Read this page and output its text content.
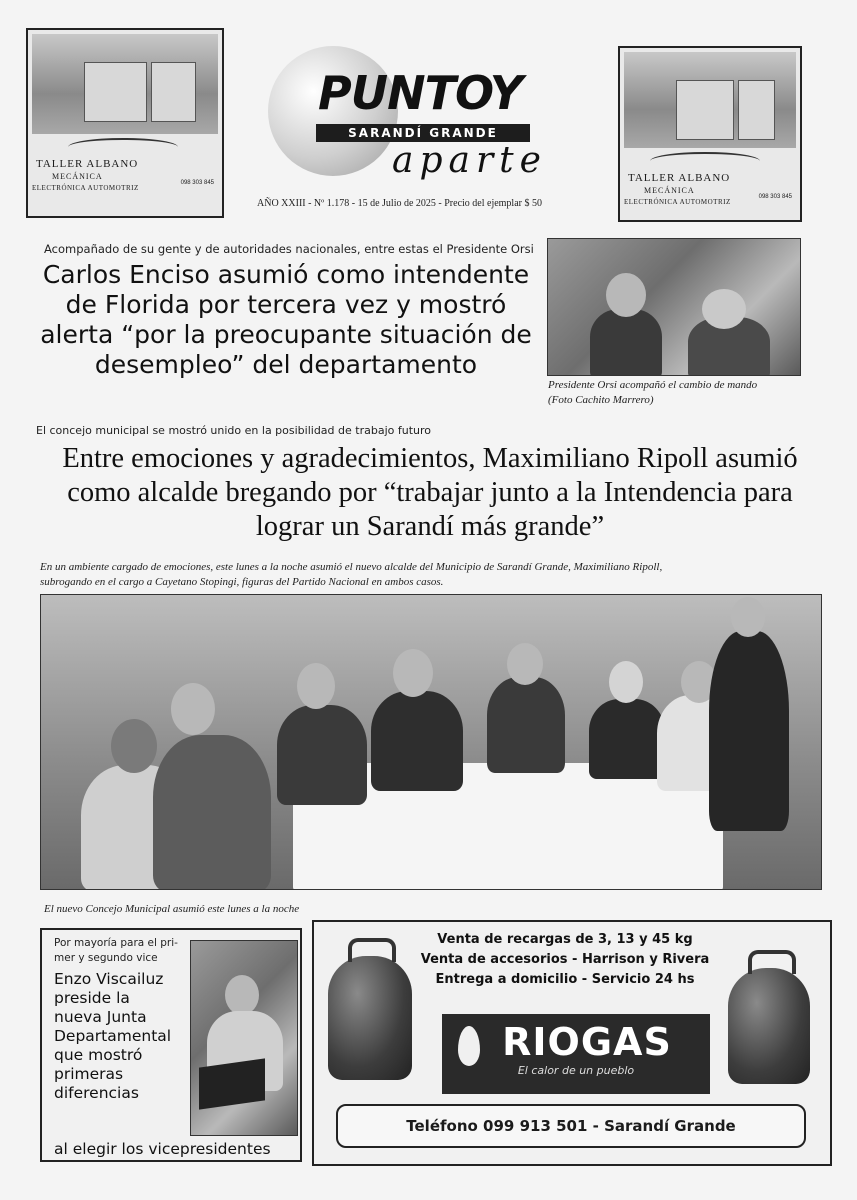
TALLER ALBANO
MECÁNICA
ELECTRÓNICA AUTOMOTRIZ
098 303 845	TALLER ALBANO
MECÁNICA
ELECTRÓNICA AUTOMOTRIZ
098 303 845
PUNTOY
SARANDÍ GRANDE
aparte
AÑO XXIII - Nº 1.178 - 15 de Julio de 2025 - Precio del ejemplar $ 50
Acompañado de su gente y de autoridades nacionales, entre estas el Presidente Orsi
Carlos Enciso asumió como intendente
de Florida por tercera vez y mostró
alerta “por la preocupante situación de
desempleo” del departamento
Presidente Orsi acompañó el cambio de mando
(Foto Cachito Marrero)
El concejo municipal se mostró unido en la posibilidad de trabajo futuro
Entre emociones y agradecimientos, Maximiliano Ripoll asumió
como alcalde bregando por “trabajar junto a la Intendencia para
lograr un Sarandí más grande”
En un ambiente cargado de emociones, este lunes a la noche asumió el nuevo alcalde del Municipio de Sarandí Grande, Maximiliano Ripoll,
subrogando en el cargo a Cayetano Stopingi, figuras del Partido Nacional en ambos casos.
El nuevo Concejo Municipal asumió este lunes a la noche
Por mayoría para el pri-
mer y segundo vice
Enzo Viscailuz
preside la
nueva Junta
Departamental
que mostró
primeras
diferencias
al elegir los vicepresidentes
Venta de recargas de 3, 13 y 45 kg
Venta de accesorios - Harrison y Rivera
Entrega a domicilio - Servicio 24 hs
RIOGAS
El calor de un pueblo
Teléfono 099 913 501 - Sarandí Grande
